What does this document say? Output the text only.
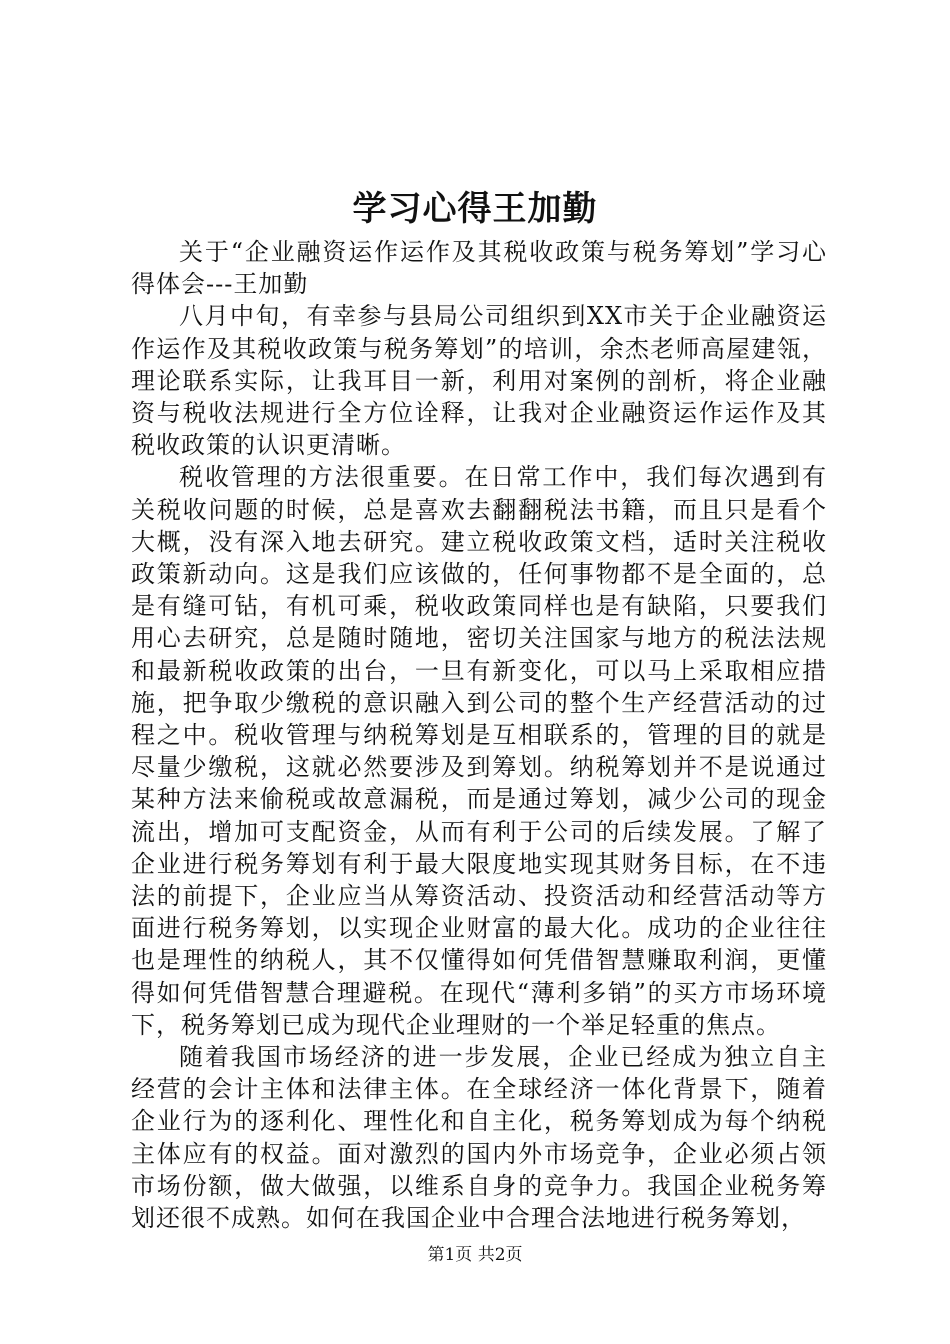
学习心得王加勤

关于“企业融资运作运作及其税收政策与税务筹划”学习心得体会---王加勤

八月中旬，有幸参与县局公司组织到XX市关于企业融资运作运作及其税收政策与税务筹划”的培训，余杰老师高屋建瓴，理论联系实际，让我耳目一新，利用对案例的剖析，将企业融资与税收法规进行全方位诠释，让我对企业融资运作运作及其税收政策的认识更清晰。

税收管理的方法很重要。在日常工作中，我们每次遇到有关税收问题的时候，总是喜欢去翻翻税法书籍，而且只是看个大概，没有深入地去研究。建立税收政策文档，适时关注税收政策新动向。这是我们应该做的，任何事物都不是全面的，总是有缝可钻，有机可乘，税收政策同样也是有缺陷，只要我们用心去研究，总是随时随地，密切关注国家与地方的税法法规和最新税收政策的出台，一旦有新变化，可以马上采取相应措施，把争取少缴税的意识融入到公司的整个生产经营活动的过程之中。税收管理与纳税筹划是互相联系的，管理的目的就是尽量少缴税，这就必然要涉及到筹划。纳税筹划并不是说通过某种方法来偷税或故意漏税，而是通过筹划，减少公司的现金流出，增加可支配资金，从而有利于公司的后续发展。了解了企业进行税务筹划有利于最大限度地实现其财务目标，在不违法的前提下，企业应当从筹资活动、投资活动和经营活动等方面进行税务筹划，以实现企业财富的最大化。成功的企业往往也是理性的纳税人，其不仅懂得如何凭借智慧赚取利润，更懂得如何凭借智慧合理避税。在现代“薄利多销”的买方市场环境下，税务筹划已成为现代企业理财的一个举足轻重的焦点。

随着我国市场经济的进一步发展，企业已经成为独立自主经营的会计主体和法律主体。在全球经济一体化背景下，随着企业行为的逐利化、理性化和自主化，税务筹划成为每个纳税主体应有的权益。面对激烈的国内外市场竞争，企业必须占领市场份额，做大做强，以维系自身的竞争力。我国企业税务筹划还很不成熟。如何在我国企业中合理合法地进行税务筹划，

第1页 共2页
